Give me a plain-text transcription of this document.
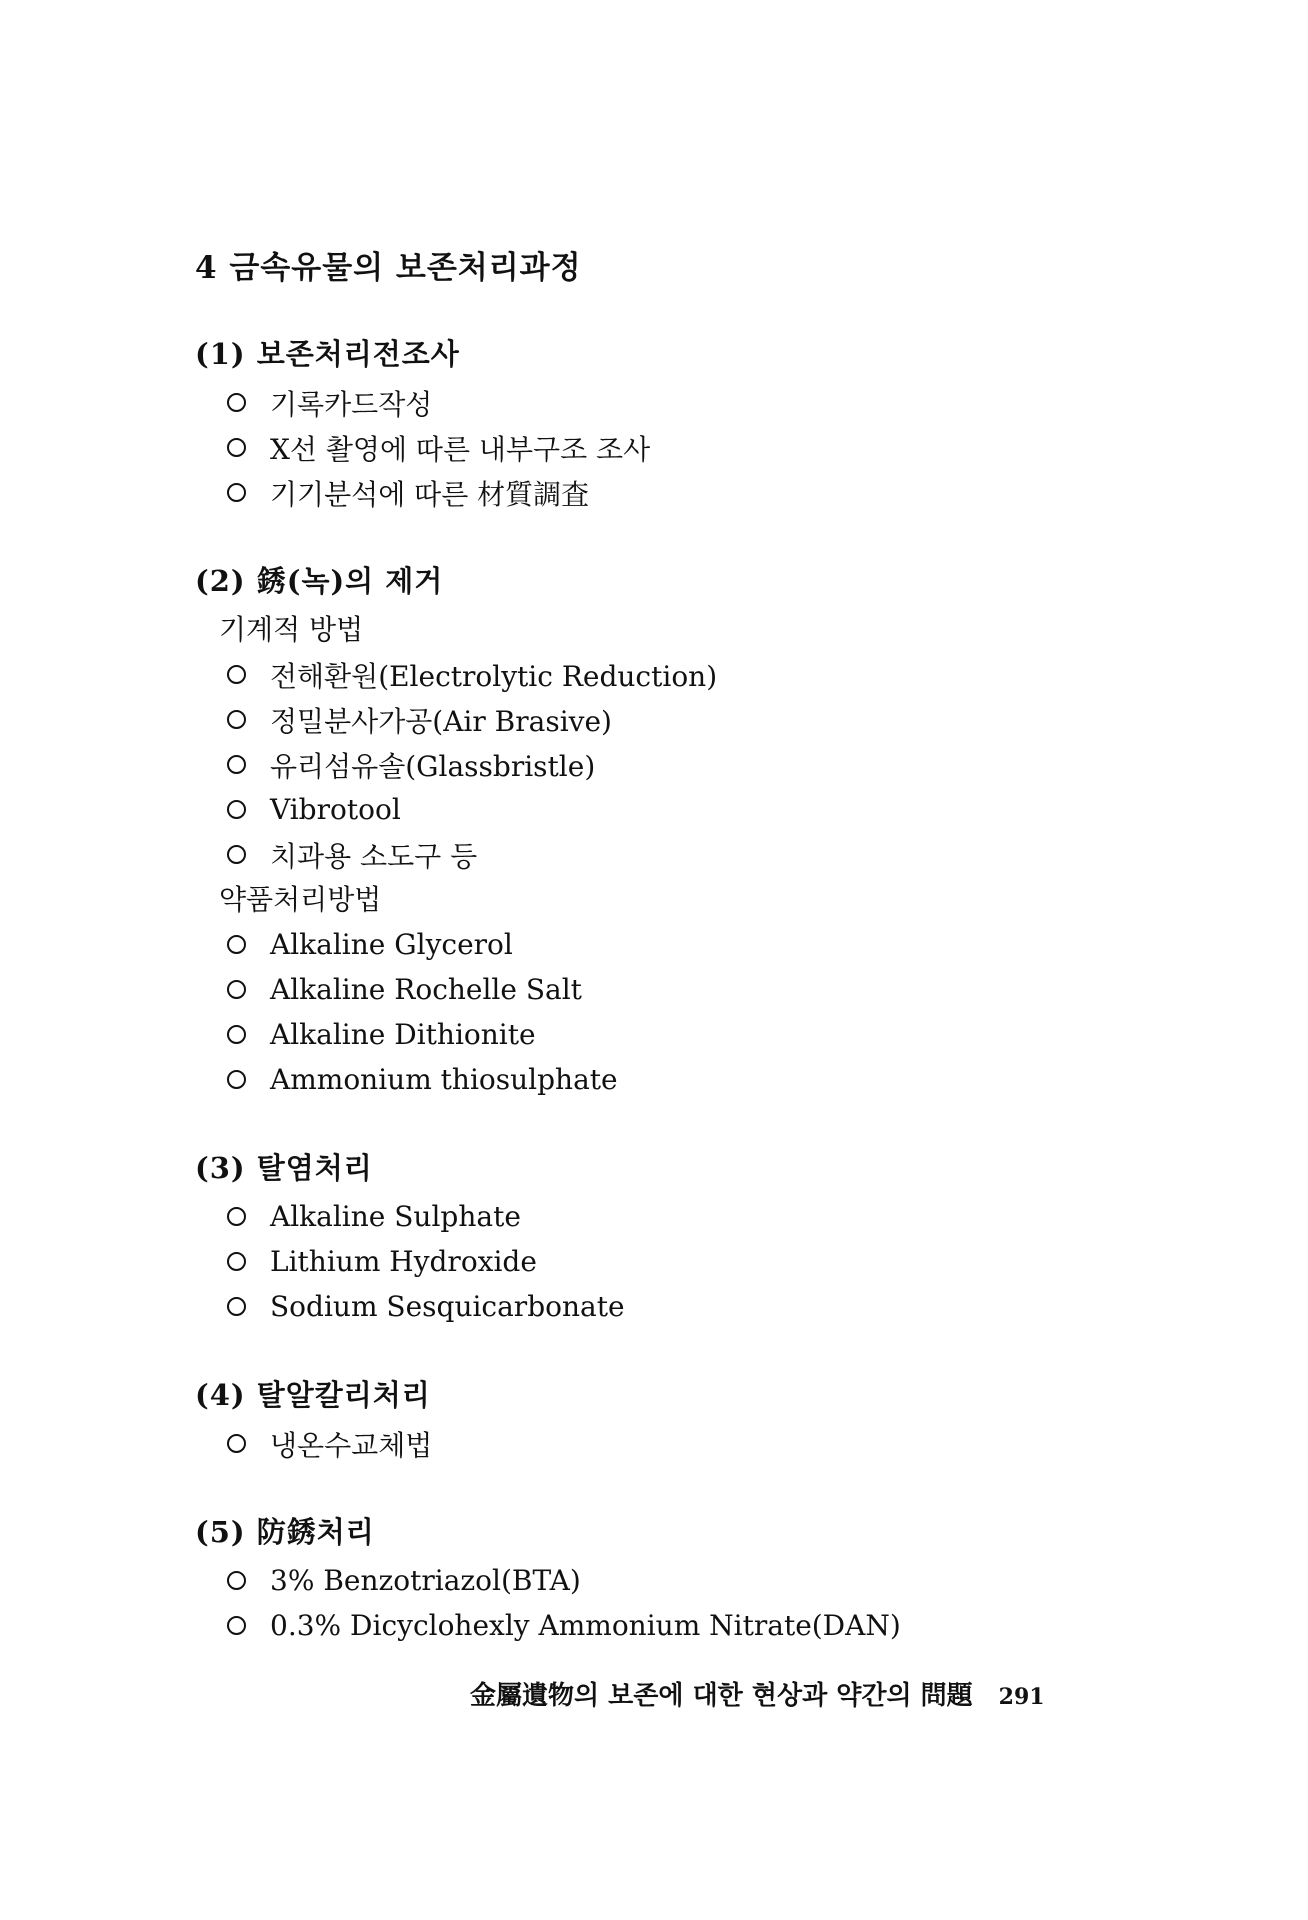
4 금속유물의 보존처리과정
(1) 보존처리전조사
기록카드작성
X선 촬영에 따른 내부구조 조사
기기분석에 따른 材質調査
(2) 銹(녹)의 제거
기계적 방법
전해환원(Electrolytic Reduction)
정밀분사가공(Air Brasive)
유리섬유솔(Glassbristle)
Vibrotool
치과용 소도구 등
약품처리방법
Alkaline Glycerol
Alkaline Rochelle Salt
Alkaline Dithionite
Ammonium thiosulphate
(3) 탈염처리
Alkaline Sulphate
Lithium Hydroxide
Sodium Sesquicarbonate
(4) 탈알칼리처리
냉온수교체법
(5) 防銹처리
3% Benzotriazol(BTA)
0.3% Dicyclohexly Ammonium Nitrate(DAN)
金屬遺物의 보존에 대한 현상과 약간의 問題 291
